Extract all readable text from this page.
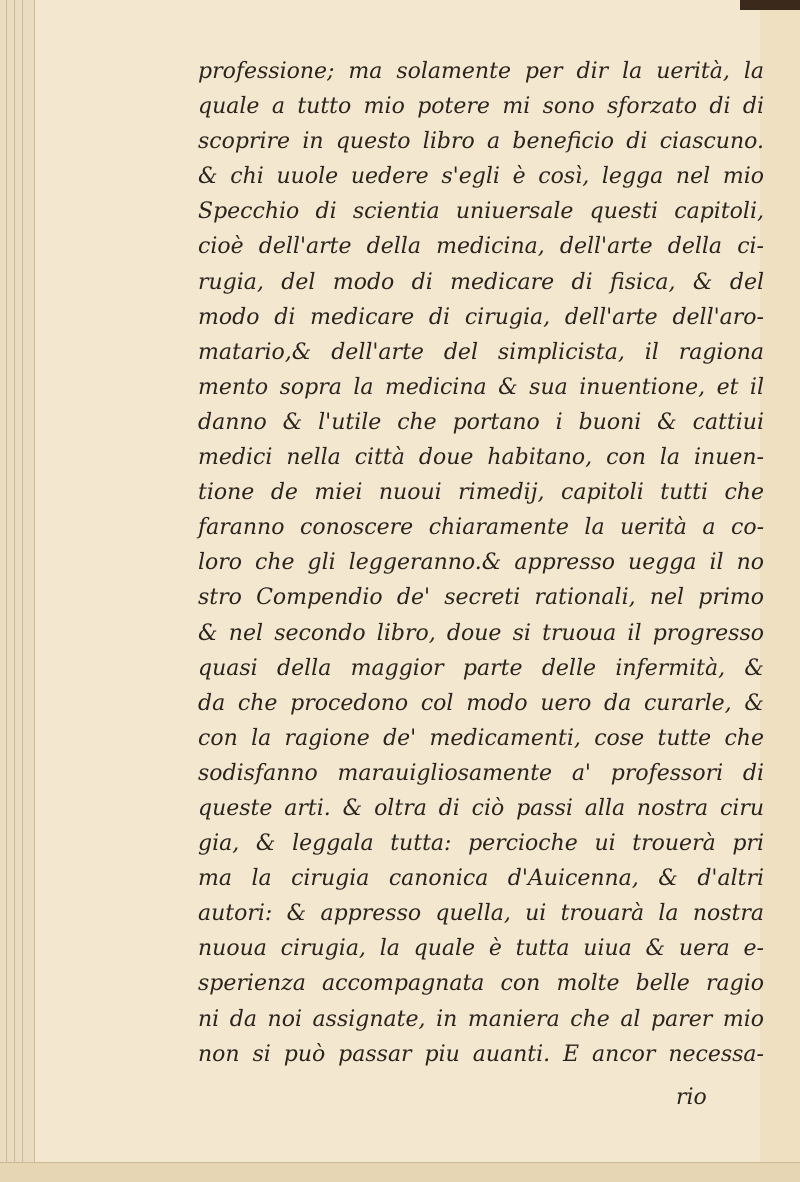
professione; ma solamente per dir la uerità, la
quale a tutto mio potere mi sono sforzato di di
scoprire in questo libro a beneficio di ciascuno.
& chi uuole uedere s'egli è così, legga nel mio
Specchio di scientia uniuersale questi capitoli,
cioè dell'arte della medicina, dell'arte della ci-
rugia, del modo di medicare di fisica, & del
modo di medicare di cirugia, dell'arte dell'aro-
matario,& dell'arte del simplicista, il ragiona
mento sopra la medicina & sua inuentione, et il
danno & l'utile che portano i buoni & cattiui
medici nella città doue habitano, con la inuen-
tione de miei nuoui rimedij, capitoli tutti che
faranno conoscere chiaramente la uerità a co-
loro che gli leggeranno.& appresso uegga il no
stro Compendio de' secreti rationali, nel primo
& nel secondo libro, doue si truoua il progresso
quasi della maggior parte delle infermità, &
da che procedono col modo uero da curarle, &
con la ragione de' medicamenti, cose tutte che
sodisfanno marauigliosamente a' professori di
queste arti. & oltra di ciò passi alla nostra ciru
gia, & leggala tutta: percioche ui trouerà pri
ma la cirugia canonica d'Auicenna, & d'altri
autori: & appresso quella, ui trouarà la nostra
nuoua cirugia, la quale è tutta uiua & uera e-
sperienza accompagnata con molte belle ragio
ni da noi assignate, in maniera che al parer mio
non si può passar piu auanti. E ancor necessa-
rio
